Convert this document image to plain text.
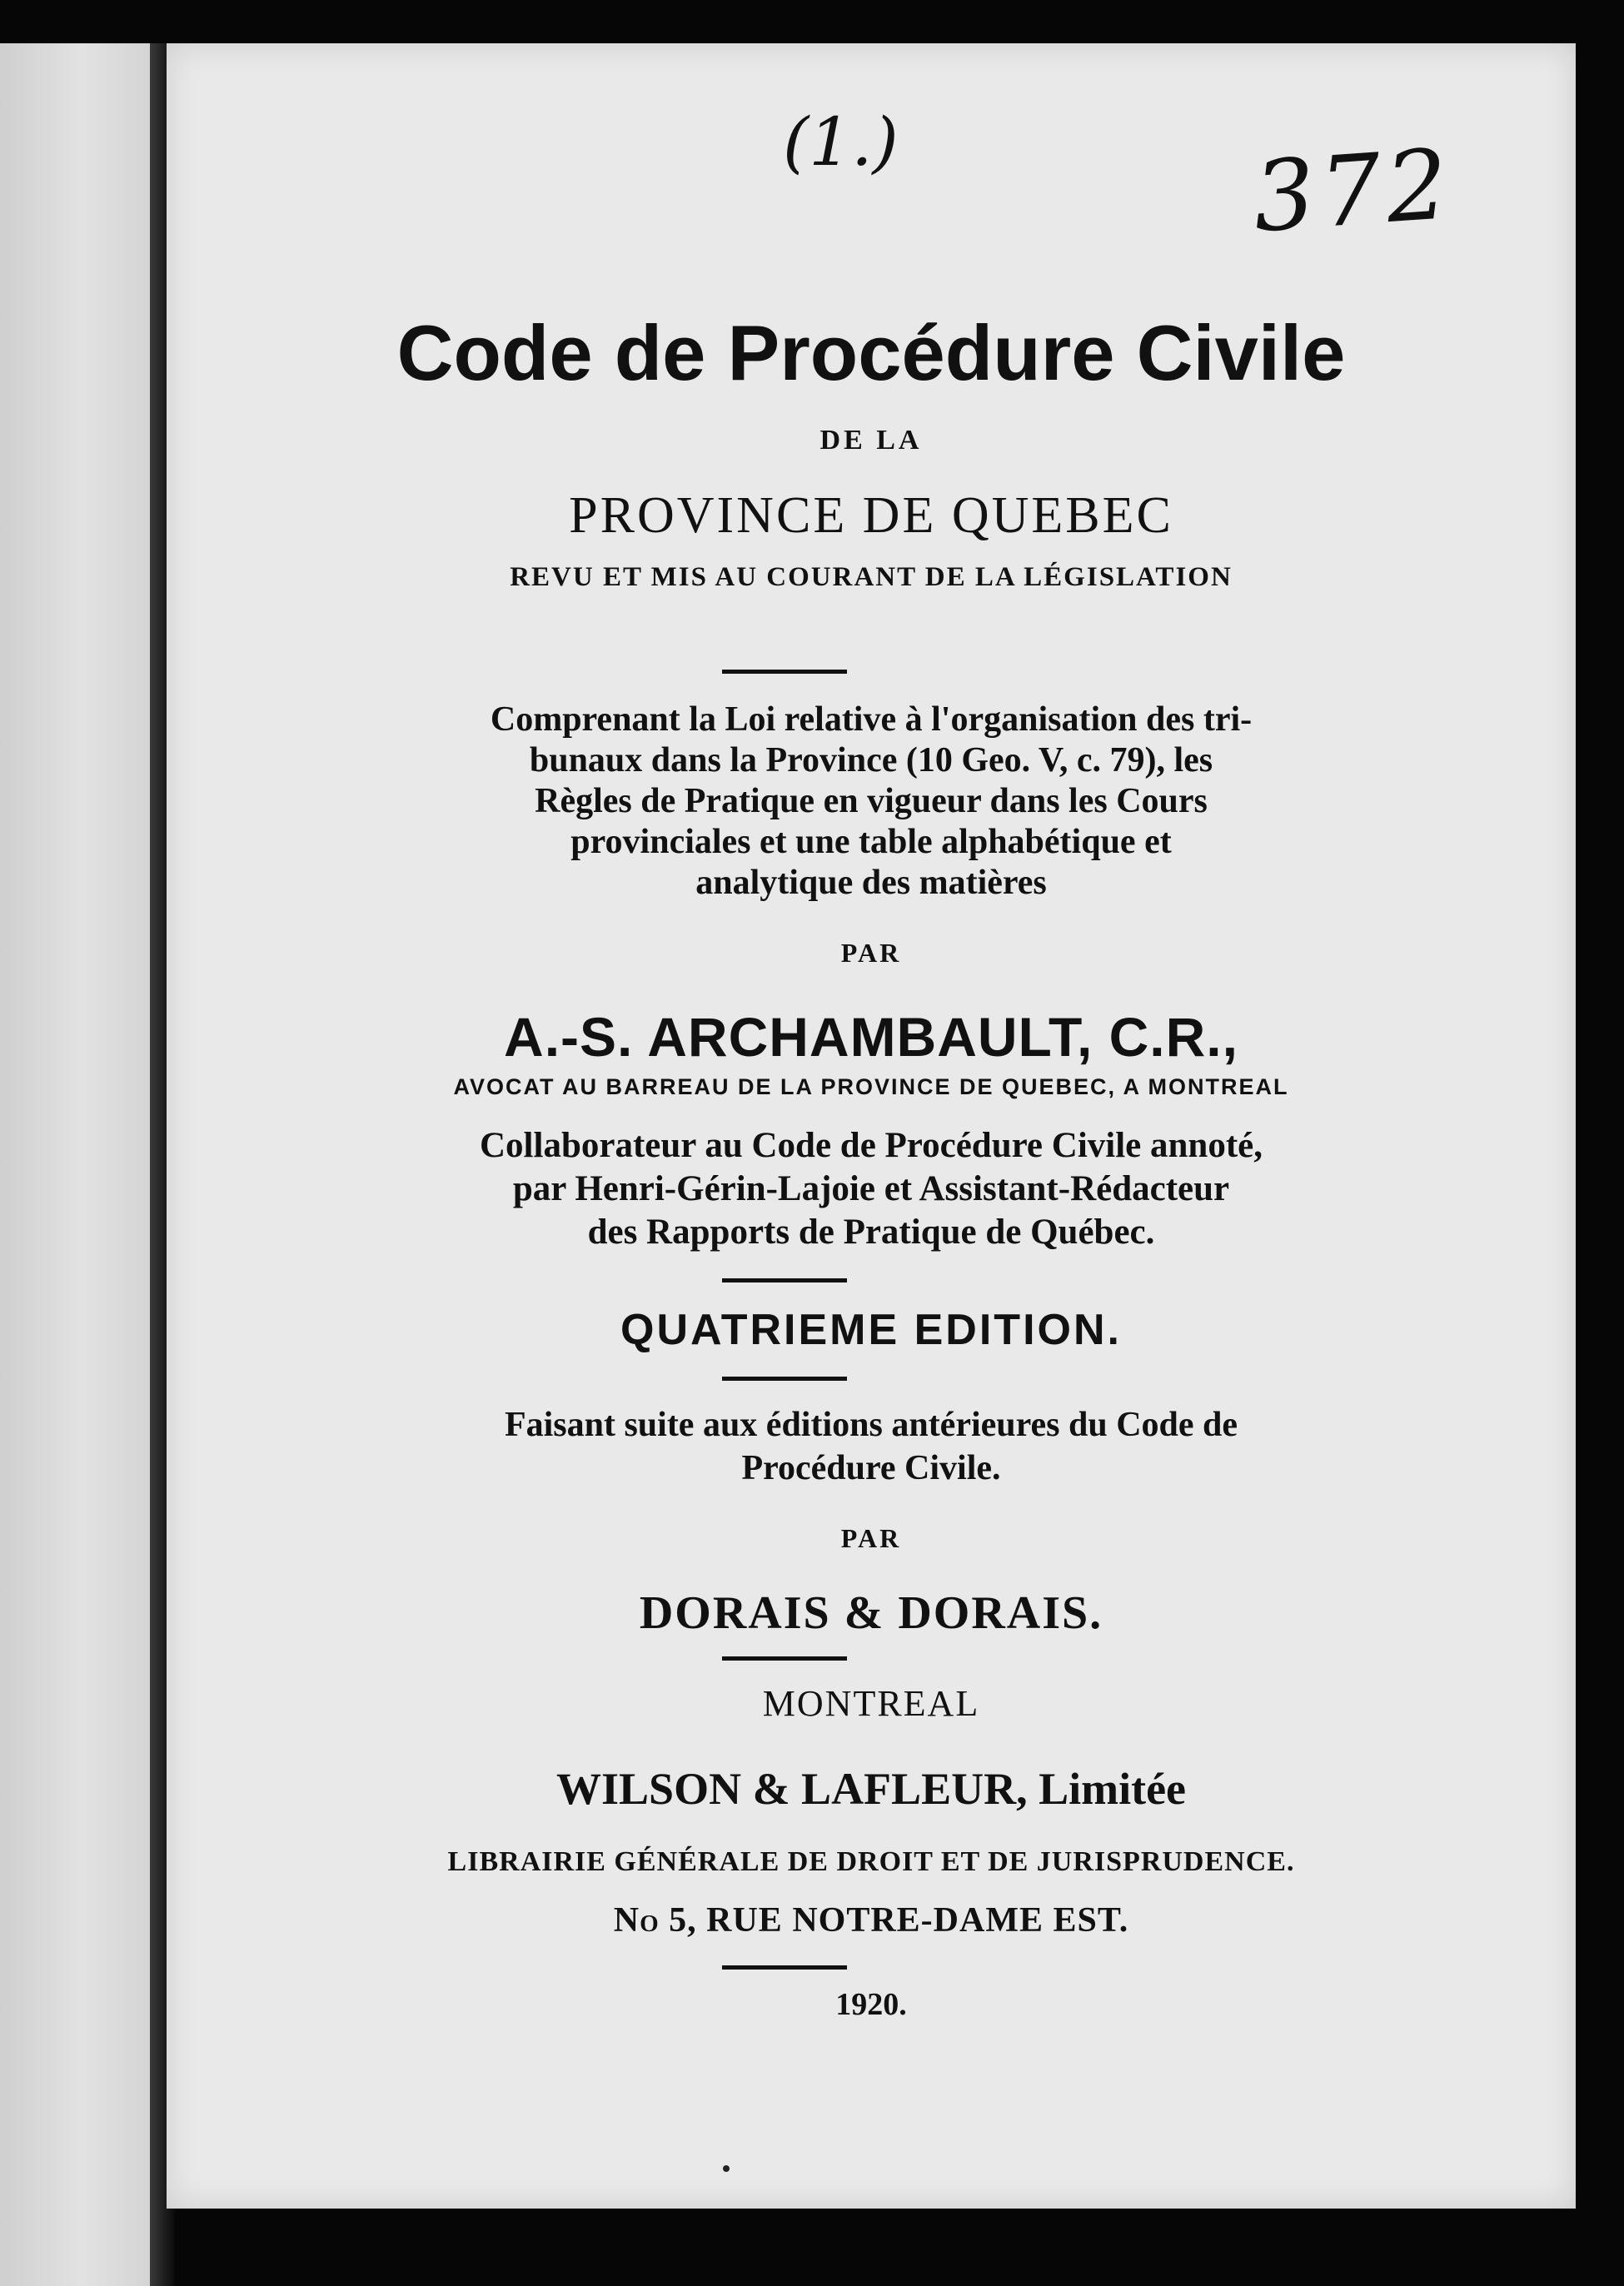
(1.)	372
Code de Procédure Civile
DE LA
PROVINCE DE QUEBEC
REVU ET MIS AU COURANT DE LA LÉGISLATION
Comprenant la Loi relative à l'organisation des tri-
bunaux dans la Province (10 Geo. V, c. 79), les
Règles de Pratique en vigueur dans les Cours
provinciales et une table alphabétique et
analytique des matières
PAR
A.-S. ARCHAMBAULT, C.R.,
AVOCAT AU BARREAU DE LA PROVINCE DE QUEBEC, A MONTREAL
Collaborateur au Code de Procédure Civile annoté,
par Henri-Gérin-Lajoie et Assistant-Rédacteur
des Rapports de Pratique de Québec.
QUATRIEME EDITION.
Faisant suite aux éditions antérieures du Code de
Procédure Civile.
PAR
DORAIS & DORAIS.
MONTREAL
WILSON & LAFLEUR, Limitée
LIBRAIRIE GÉNÉRALE DE DROIT ET DE JURISPRUDENCE.
No 5, RUE NOTRE-DAME EST.
1920.
